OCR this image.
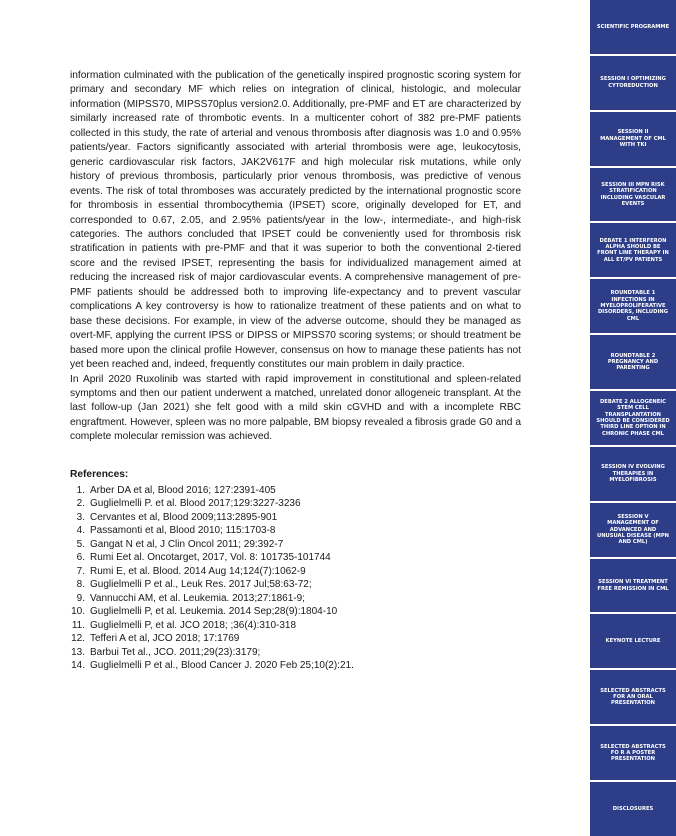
information culminated with the publication of the genetically inspired prognostic scoring system for primary and secondary MF which relies on integration of clinical, histologic, and molecular information (MIPSS70, MIPSS70plus version2.0. Additionally, pre-PMF and ET are characterized by similarly increased rate of thrombotic events. In a multicenter cohort of 382 pre-PMF patients collected in this study, the rate of arterial and venous thrombosis after diagnosis was 1.0 and 0.95% patients/year. Factors significantly associated with arterial thrombosis were age, leukocytosis, generic cardiovascular risk factors, JAK2V617F and high molecular risk mutations, while only history of previous thrombosis, particularly prior venous thrombosis, was predictive of venous events. The risk of total thromboses was accurately predicted by the international prognostic score for thrombosis in essential thrombocythemia (IPSET) score, originally developed for ET, and corresponded to 0.67, 2.05, and 2.95% patients/year in the low-, intermediate-, and high-risk categories. The authors concluded that IPSET could be conveniently used for thrombosis risk stratification in patients with pre-PMF and that it was superior to both the conventional 2-tiered score and the revised IPSET, representing the basis for individualized management aimed at reducing the increased risk of major cardiovascular events. A comprehensive management of pre-PMF patients should be addressed both to improving life-expectancy and to prevent vascular complications A key controversy is how to rationalize treatment of these patients and on what to base these decisions. For example, in view of the adverse outcome, should they be managed as overt-MF, applying the current IPSS or DIPSS or MIPSS70 scoring systems; or should treatment be based more upon the clinical profile However, consensus on how to manage these patients has not yet been reached and, indeed, frequently constitutes our main problem in daily practice.

In April 2020 Ruxolinib was started with rapid improvement in constitutional and spleen-related symptoms and then our patient underwent a matched, unrelated donor allogeneic transplant. At the last follow-up (Jan 2021) she felt good with a mild skin cGVHD and with a incomplete RBC engraftment. However, spleen was no more palpable, BM biopsy revealed a fibrosis grade G0 and a complete molecular remission was achieved.

References:
1. Arber DA et al, Blood 2016; 127:2391-405
2. Guglielmelli P. et al. Blood 2017;129:3227-3236
3. Cervantes et al, Blood 2009;113:2895-901
4. Passamonti et al, Blood 2010; 115:1703-8
5. Gangat N et al, J Clin Oncol 2011; 29:392-7
6. Rumi Eet al. Oncotarget, 2017, Vol. 8: 101735-101744
7. Rumi E, et al. Blood. 2014 Aug 14;124(7):1062-9
8. Guglielmelli P et al., Leuk Res. 2017 Jul;58:63-72;
9. Vannucchi AM, et al. Leukemia. 2013;27:1861-9;
10. Guglielmelli P, et al. Leukemia. 2014 Sep;28(9):1804-10
11. Guglielmelli P, et al. JCO 2018; ;36(4):310-318
12. Tefferi A et al, JCO 2018; 17:1769
13. Barbui Tet al., JCO. 2011;29(23):3179;
14. Guglielmelli P et al., Blood Cancer J. 2020 Feb 25;10(2):21.
SCIENTIFIC PROGRAMME
SESSION I OPTIMIZING CYTOREDUCTION
SESSION II MANAGEMENT OF CML WITH TKI
SESSION III MPN RISK STRATIFICATION INCLUDING VASCULAR EVENTS
DEBATE 1 INTERFERON ALPHA SHOULD BE FRONT LINE THERAPY IN ALL ET/PV PATIENTS
ROUNDTABLE 1 INFECTIONS IN MYELOPROLIFERATIVE DISORDERS, INCLUDING CML
ROUNDTABLE 2 PREGNANCY AND PARENTING
DEBATE 2 ALLOGENEIC STEM CELL TRANSPLANTATION SHOULD BE CONSIDERED THIRD LINE OPTION IN CHRONIC PHASE CML
SESSION IV EVOLVING THERAPIES IN MYELOFIBROSIS
SESSION V MANAGEMENT OF ADVANCED AND UNUSUAL DISEASE (MPN AND CML)
SESSION VI TREATMENT FREE REMISSION IN CML
KEYNOTE LECTURE
SELECTED ABSTRACTS FOR AN ORAL PRESENTATION
SELECTED ABSTRACTS FO R A POSTER PRESENTATION
DISCLOSURES
